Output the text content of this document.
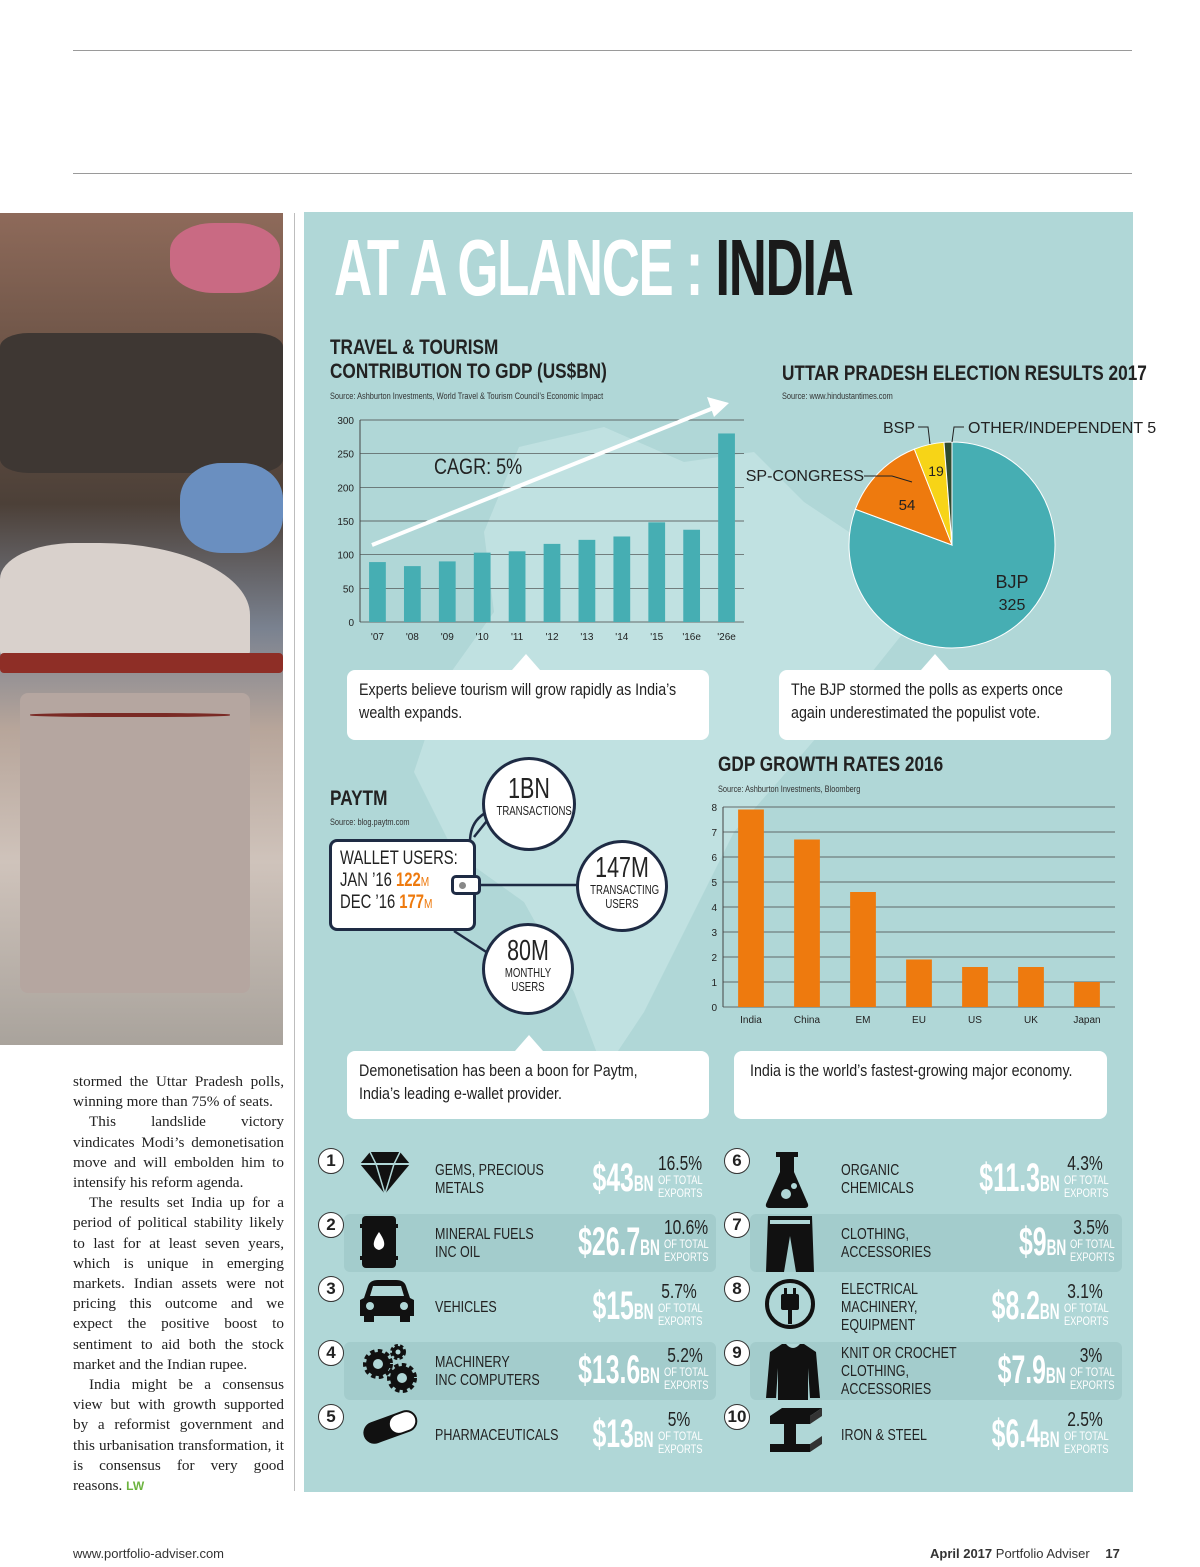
stormed the Uttar Pradesh polls, winning more than 75% of seats.

This landslide victory vindicates Modi’s demonetisation move and will embolden him to intensify his reform agenda.

The results set India up for a period of political stability likely to last for at least seven years, which is unique in emerging markets. Indian assets were not pricing this outcome and we expect the positive boost to sentiment to aid both the stock market and the Indian rupee.

India might be a consensus view but with growth supported by a reformist government and this urbanisation transformation, it is consensus for very good reasons. LW

AT A GLANCE : INDIA
TRAVEL & TOURISM
CONTRIBUTION TO GDP (US$BN)
Source: Ashburton Investments, World Travel & Tourism Council’s Economic Impact
0
50
100
150
200
250
300
'07 '08 '09 '10 '11 '12 '13 '14 '15 '16e '26e
CAGR: 5%
Experts believe tourism will grow rapidly as India’s
wealth expands.
UTTAR PRADESH ELECTION RESULTS 2017
Source: www.hindustantimes.com
BJP
325
54
19
SP-CONGRESS
BSP	OTHER/INDEPENDENT 5
The BJP stormed the polls as experts once
again underestimated the populist vote.
PAYTM
Source: blog.paytm.com
WALLET USERS:
JAN ’16 122M
DEC ’16 177M
1BN
TRANSACTIONS
147M
TRANSACTING
USERS
80M
MONTHLY
USERS
Demonetisation has been a boon for Paytm,
India’s leading e-wallet provider.
GDP GROWTH RATES 2016
Source: Ashburton Investments, Bloomberg
0
1
2
3
4
5
6
7
8
India	China	EM	EU	US	UK	Japan
India is the world’s fastest-growing major economy.
1
GEMS, PRECIOUS
METALS	$43BN
16.5%
OF TOTAL
EXPORTS
2
MINERAL FUELS
INC OIL	$26.7BN
10.6%
OF TOTAL
EXPORTS
3
VEHICLES $15BN
5.7%
OF TOTAL
EXPORTS
4
MACHINERY
INC COMPUTERS $13.6BN
5.2%
OF TOTAL
EXPORTS
5
PHARMACEUTICALS $13BN
5%
OF TOTAL
EXPORTS
6
ORGANIC
CHEMICALS $11.3BN
4.3%
OF TOTAL
EXPORTS
7
CLOTHING,
ACCESSORIES $9BN
3.5%
OF TOTAL
EXPORTS
8	ELECTRICAL
MACHINERY,
EQUIPMENT $8.2BN
3.1%
OF TOTAL
EXPORTS
9	KNIT OR CROCHET
CLOTHING,
ACCESSORIES	$7.9BN
3%
OF TOTAL
EXPORTS
10
IRON & STEEL $6.4BN
2.5%
OF TOTAL
EXPORTS
www.portfolio-adviser.com	April 2017 Portfolio Adviser 17
